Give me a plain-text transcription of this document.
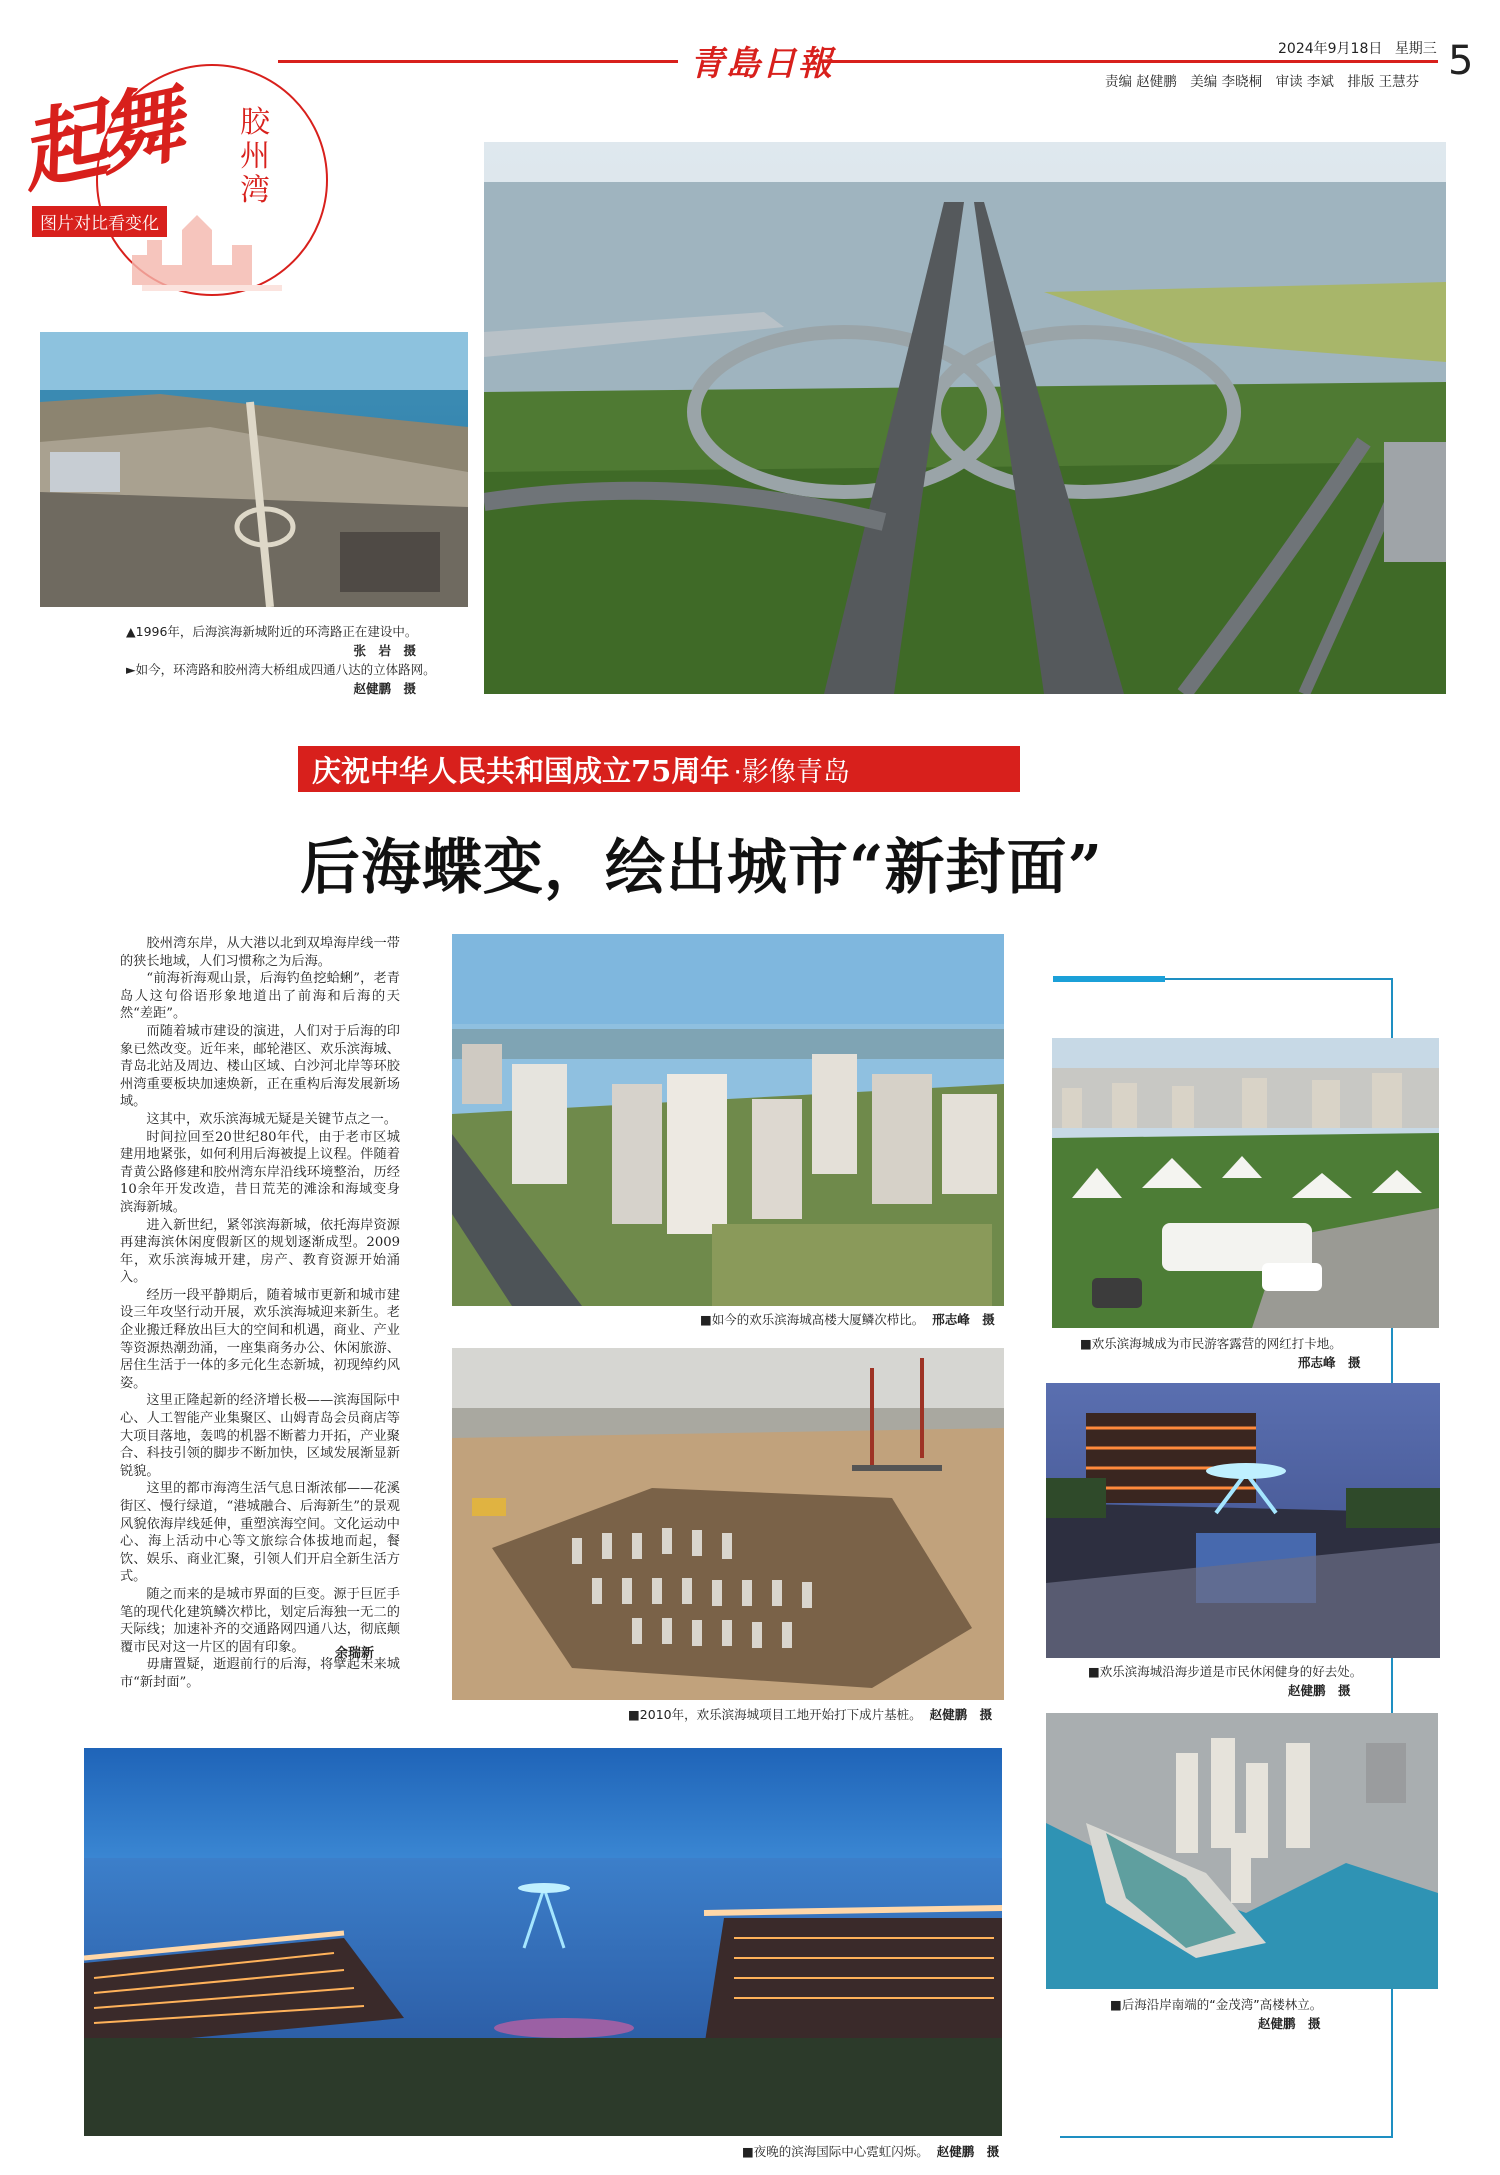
青島日報	2024年9月18日 星期三 5
责编 赵健鹏　美编 李晓桐　审读 李斌　排版 王慧芬
起舞 胶州湾
图片对比看变化
▲1996年，后海滨海新城附近的环湾路正在建设中。
张　岩　摄
►如今，环湾路和胶州湾大桥组成四通八达的立体路网。
赵健鹏　摄
庆祝中华人民共和国成立75周年 ·影像青岛
后海蝶变，绘出城市“新封面”

胶州湾东岸，从大港以北到双埠海岸线一带的狭长地域，人们习惯称之为后海。

“前海祈海观山景，后海钓鱼挖蛤蜊”，老青岛人这句俗语形象地道出了前海和后海的天然“差距”。

而随着城市建设的演进，人们对于后海的印象已然改变。近年来，邮轮港区、欢乐滨海城、青岛北站及周边、楼山区域、白沙河北岸等环胶州湾重要板块加速焕新，正在重构后海发展新场域。

这其中，欢乐滨海城无疑是关键节点之一。

时间拉回至20世纪80年代，由于老市区城建用地紧张，如何利用后海被提上议程。伴随着青黄公路修建和胶州湾东岸沿线环境整治，历经10余年开发改造，昔日荒芜的滩涂和海域变身滨海新城。

进入新世纪，紧邻滨海新城，依托海岸资源再建海滨休闲度假新区的规划逐渐成型。2009年，欢乐滨海城开建，房产、教育资源开始涌入。

经历一段平静期后，随着城市更新和城市建设三年攻坚行动开展，欢乐滨海城迎来新生。老企业搬迁释放出巨大的空间和机遇，商业、产业等资源热潮劲涌，一座集商务办公、休闲旅游、居住生活于一体的多元化生态新城，初现绰约风姿。

这里正隆起新的经济增长极——滨海国际中心、人工智能产业集聚区、山姆青岛会员商店等大项目落地，轰鸣的机器不断蓄力开拓，产业聚合、科技引领的脚步不断加快，区域发展渐显新锐貌。

这里的都市海湾生活气息日渐浓郁——花溪街区、慢行绿道，“港城融合、后海新生”的景观风貌依海岸线延伸，重塑滨海空间。文化运动中心、海上活动中心等文旅综合体拔地而起，餐饮、娱乐、商业汇聚，引领人们开启全新生活方式。

随之而来的是城市界面的巨变。源于巨匠手笔的现代化建筑鳞次栉比，划定后海独一无二的天际线；加速补齐的交通路网四通八达，彻底颠覆市民对这一片区的固有印象。

毋庸置疑，逝遐前行的后海，将擘起未来城市“新封面”。

余瑞新
■如今的欢乐滨海城高楼大厦鳞次栉比。 邢志峰　摄
■2010年，欢乐滨海城项目工地开始打下成片基桩。 赵健鹏　摄
■欢乐滨海城成为市民游客露营的网红打卡地。
邢志峰　摄
■欢乐滨海城沿海步道是市民休闲健身的好去处。
赵健鹏　摄
■后海沿岸南端的“金茂湾”高楼林立。
赵健鹏　摄
■夜晚的滨海国际中心霓虹闪烁。 赵健鹏　摄
